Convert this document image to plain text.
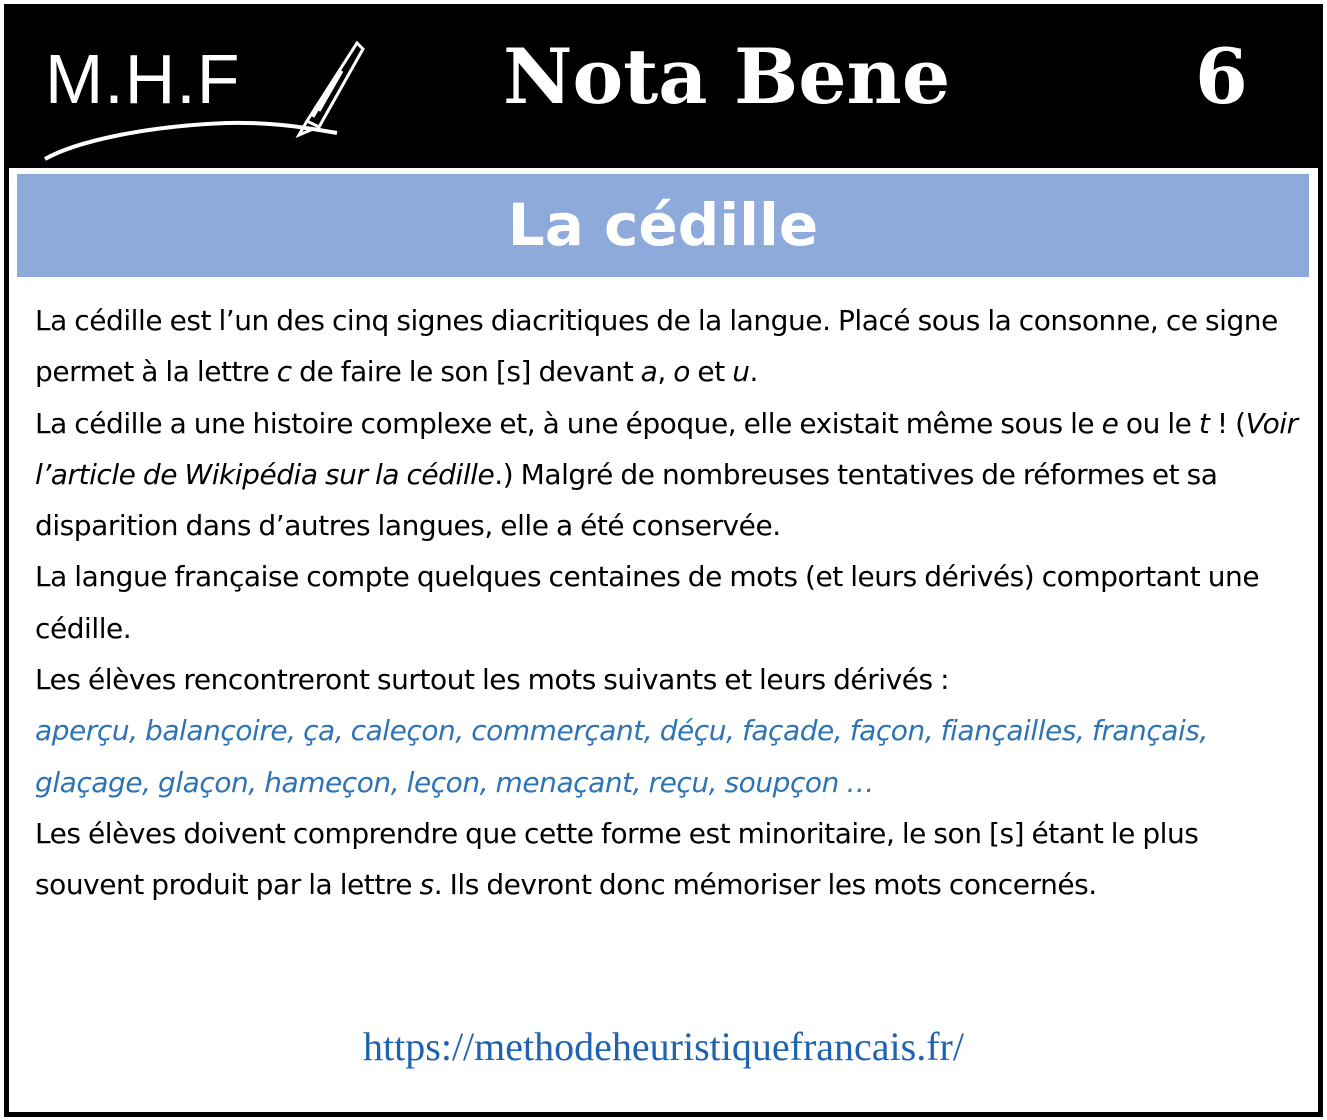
M.H.F	Nota Bene	6
La cédille

La cédille est l’un des cinq signes diacritiques de la langue. Placé sous la consonne, ce signe permet à la lettre c de faire le son [s] devant a, o et u.

La cédille a une histoire complexe et, à une époque, elle existait même sous le e ou le t ! (Voir l’article de Wikipédia sur la cédille.) Malgré de nombreuses tentatives de réformes et sa disparition dans d’autres langues, elle a été conservée.

La langue française compte quelques centaines de mots (et leurs dérivés) comportant une cédille.

Les élèves rencontreront surtout les mots suivants et leurs dérivés :

aperçu, balançoire, ça, caleçon, commerçant, déçu, façade, façon, fiançailles, français, glaçage, glaçon, hameçon, leçon, menaçant, reçu, soupçon …

Les élèves doivent comprendre que cette forme est minoritaire, le son [s] étant le plus souvent produit par la lettre s. Ils devront donc mémoriser les mots concernés.

https://methodeheuristiquefrancais.fr/
